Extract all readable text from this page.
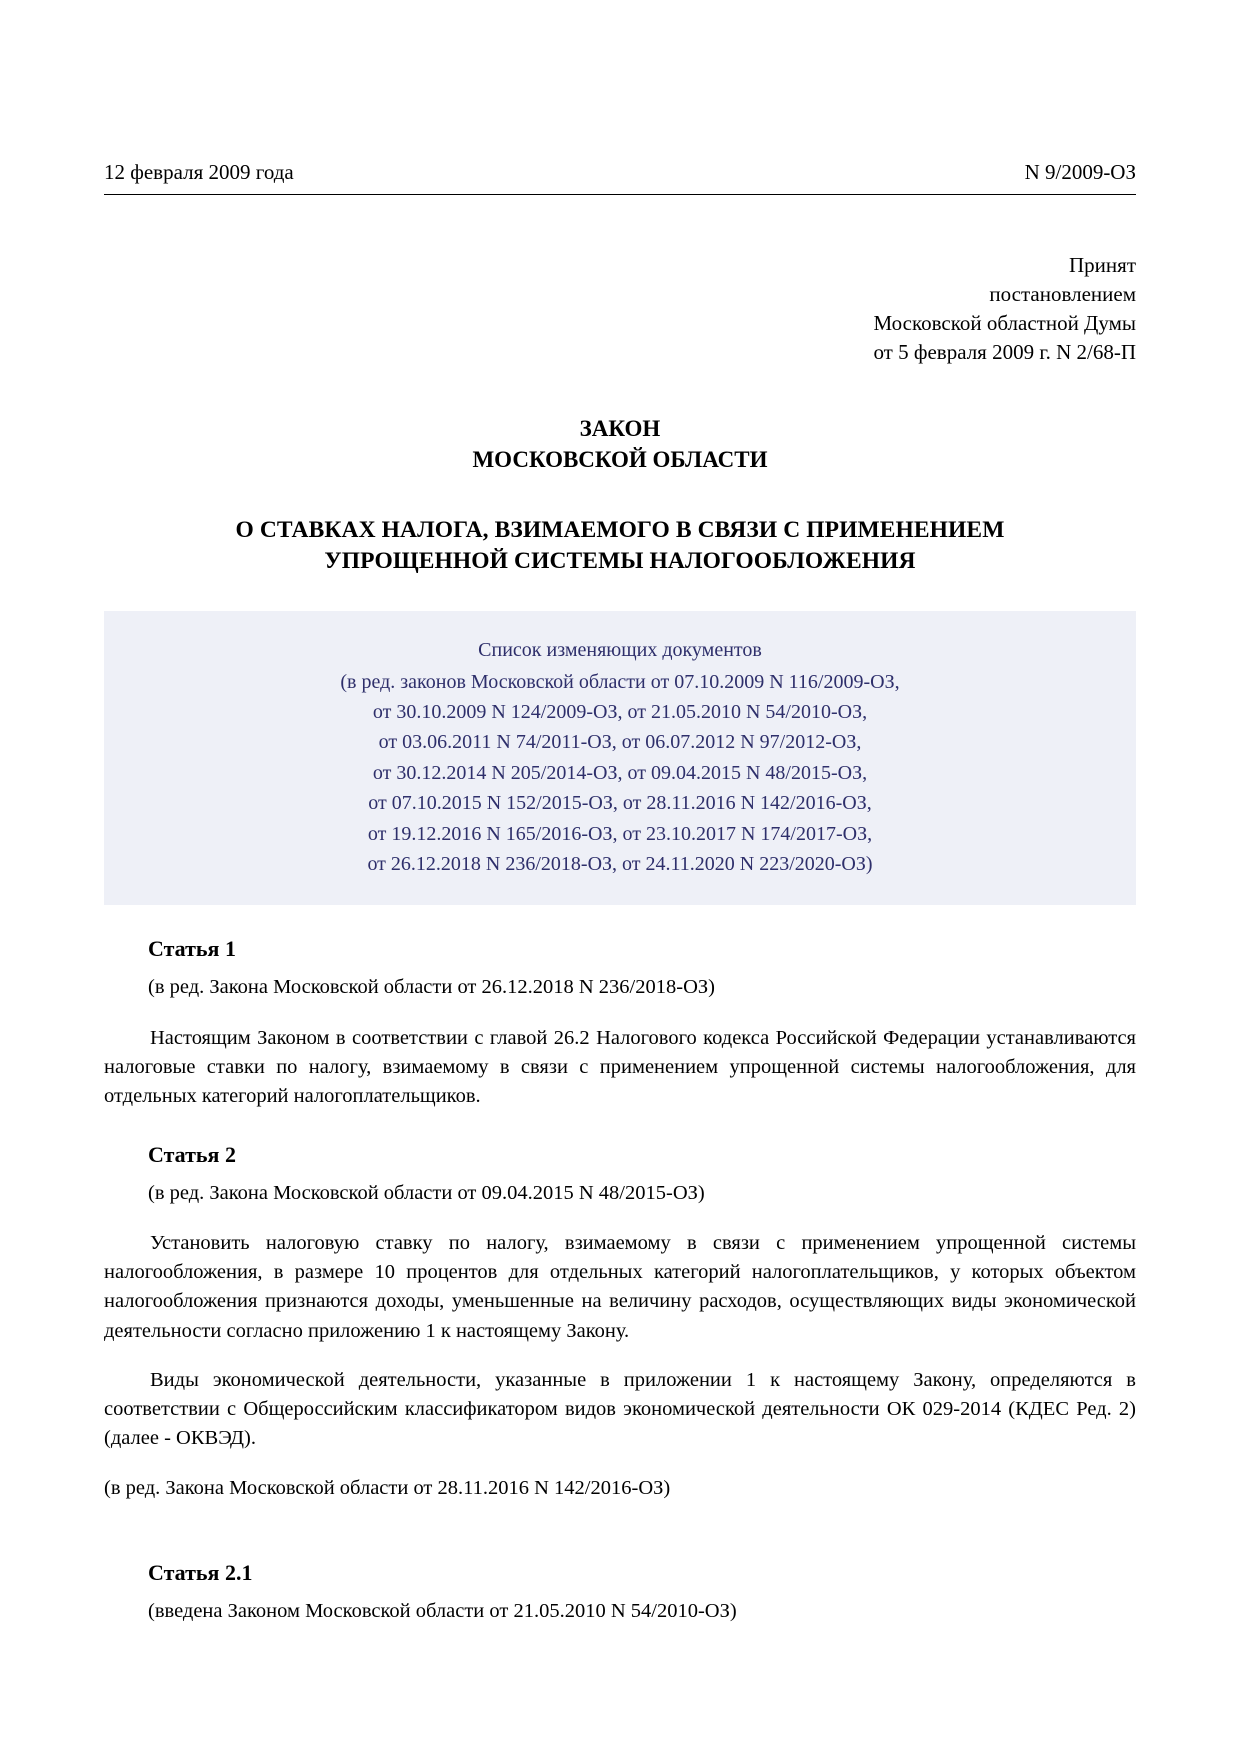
12 февраля 2009 года	N 9/2009-ОЗ
Принят
постановлением
Московской областной Думы
от 5 февраля 2009 г. N 2/68-П
ЗАКОН
МОСКОВСКОЙ ОБЛАСТИ
О СТАВКАХ НАЛОГА, ВЗИМАЕМОГО В СВЯЗИ С ПРИМЕНЕНИЕМ
УПРОЩЕННОЙ СИСТЕМЫ НАЛОГООБЛОЖЕНИЯ
Список изменяющих документов
(в ред. законов Московской области от 07.10.2009 N 116/2009-ОЗ,
от 30.10.2009 N 124/2009-ОЗ, от 21.05.2010 N 54/2010-ОЗ,
от 03.06.2011 N 74/2011-ОЗ, от 06.07.2012 N 97/2012-ОЗ,
от 30.12.2014 N 205/2014-ОЗ, от 09.04.2015 N 48/2015-ОЗ,
от 07.10.2015 N 152/2015-ОЗ, от 28.11.2016 N 142/2016-ОЗ,
от 19.12.2016 N 165/2016-ОЗ, от 23.10.2017 N 174/2017-ОЗ,
от 26.12.2018 N 236/2018-ОЗ, от 24.11.2020 N 223/2020-ОЗ)
Статья 1
(в ред. Закона Московской области от 26.12.2018 N 236/2018-ОЗ)

Настоящим Законом в соответствии с главой 26.2 Налогового кодекса Российской Федерации устанавливаются налоговые ставки по налогу, взимаемому в связи с применением упрощенной системы налогообложения, для отдельных категорий налогоплательщиков.

Статья 2
(в ред. Закона Московской области от 09.04.2015 N 48/2015-ОЗ)

Установить налоговую ставку по налогу, взимаемому в связи с применением упрощенной системы налогообложения, в размере 10 процентов для отдельных категорий налогоплательщиков, у которых объектом налогообложения признаются доходы, уменьшенные на величину расходов, осуществляющих виды экономической деятельности согласно приложению 1 к настоящему Закону.

Виды экономической деятельности, указанные в приложении 1 к настоящему Закону, определяются в соответствии с Общероссийским классификатором видов экономической деятельности ОК 029-2014 (КДЕС Ред. 2) (далее - ОКВЭД).

(в ред. Закона Московской области от 28.11.2016 N 142/2016-ОЗ)
Статья 2.1
(введена Законом Московской области от 21.05.2010 N 54/2010-ОЗ)
